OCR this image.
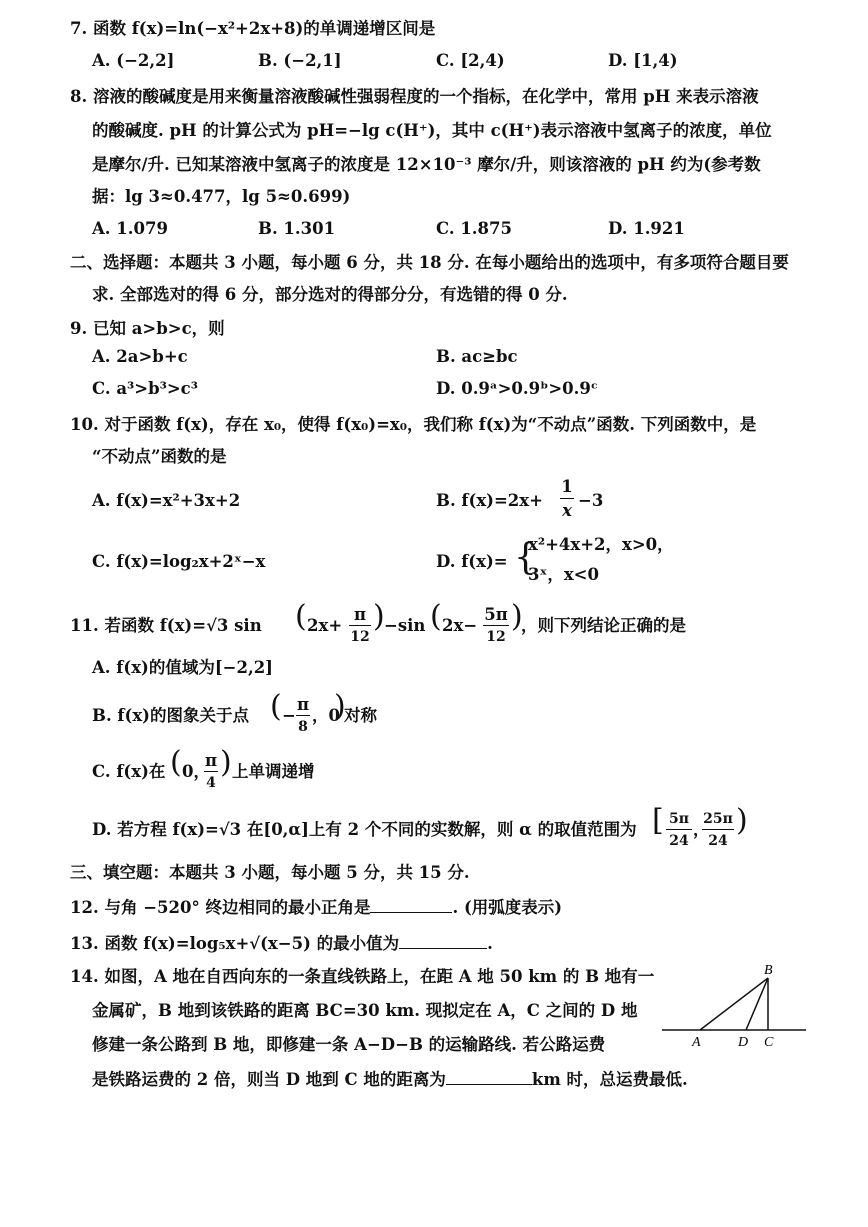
7. 函数 f(x)=ln(−x²+2x+8)的单调递增区间是
A. (−2,2]	B. (−2,1]	C. [2,4)	D. [1,4)
8. 溶液的酸碱度是用来衡量溶液酸碱性强弱程度的一个指标，在化学中，常用 pH 来表示溶液
的酸碱度. pH 的计算公式为 pH=−lg c(H⁺)，其中 c(H⁺)表示溶液中氢离子的浓度，单位
是摩尔/升. 已知某溶液中氢离子的浓度是 12×10⁻³ 摩尔/升，则该溶液的 pH 约为(参考数
据：lg 3≈0.477，lg 5≈0.699)
A. 1.079	B. 1.301	C. 1.875	D. 1.921
二、选择题：本题共 3 小题，每小题 6 分，共 18 分. 在每小题给出的选项中，有多项符合题目要
求. 全部选对的得 6 分，部分选对的得部分分，有选错的得 0 分.
9. 已知 a>b>c，则
A. 2a>b+c	B. ac≥bc
C. a³>b³>c³	D. 0.9ᵃ>0.9ᵇ>0.9ᶜ
10. 对于函数 f(x)，存在 x₀，使得 f(x₀)=x₀，我们称 f(x)为“不动点”函数. 下列函数中，是
“不动点”函数的是
A. f(x)=x²+3x+2	B. f(x)=2x+
1
x
−3
C. f(x)=log₂x+2ˣ−x	D. f(x)= {
x²+4x+2，x>0，
3ˣ，x<0
11. 若函数 f(x)=√3 sin ( 2x+
π
12
) −sin ( 2x−
5π
12
)
，则下列结论正确的是
A. f(x)的值域为[−2,2]
B. f(x)的图象关于点 ( −
π
8
，0
)
对称
C. f(x)在 ( 0，
π
4
) 上单调递增
D. 若方程 f(x)=√3 在[0,α]上有 2 个不同的实数解，则 α 的取值范围为 [ 5π
24
，
25π
24
)
三、填空题：本题共 3 小题，每小题 5 分，共 15 分.
12. 与角 −520° 终边相同的最小正角是	. (用弧度表示)
13. 函数 f(x)=log₅x+√(x−5) 的最小值为	.
14. 如图，A 地在自西向东的一条直线铁路上，在距 A 地 50 km 的 B 地有一
金属矿，B 地到该铁路的距离 BC=30 km. 现拟定在 A，C 之间的 D 地
修建一条公路到 B 地，即修建一条 A−D−B 的运输路线. 若公路运费
是铁路运费的 2 倍，则当 D 地到 C 地的距离为	km 时，总运费最低.
B
A	D C
